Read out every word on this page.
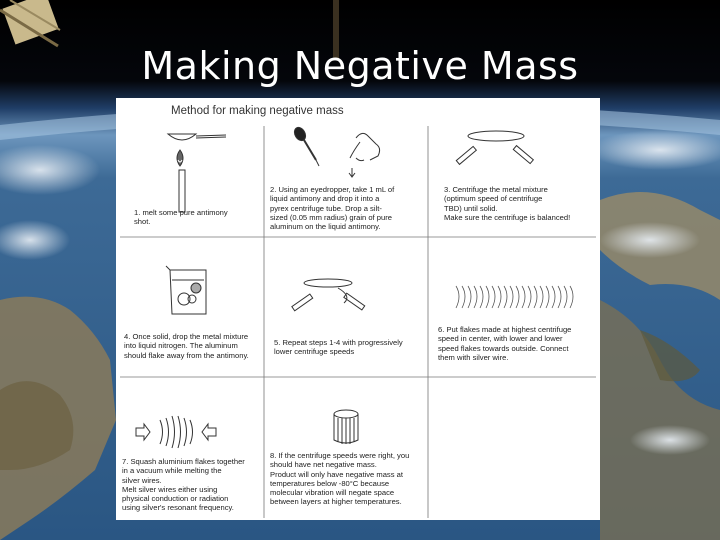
Making Negative Mass
Method for making negative mass
1. melt some pure antimony
shot.
2. Using an eyedropper, take 1 mL of
liquid antimony and drop it into a
pyrex centrifuge tube. Drop a silt-
sized (0.05 mm radius) grain of pure
aluminum on the liquid antimony.
3. Centrifuge the metal mixture
(optimum speed of centrifuge
TBD) until solid.
Make sure the centrifuge is balanced!
4. Once solid, drop the metal mixture
into liquid nitrogen. The aluminum
should flake away from the antimony.
5. Repeat steps 1-4 with progressively
lower centrifuge speeds
6. Put flakes made at highest centrifuge
speed in center, with lower and lower
speed flakes towards outside. Connect
them with silver wire.
7. Squash aluminium flakes together
in a vacuum while melting the
silver wires.
Melt silver wires either using
physical conduction or radiation
using silver's resonant frequency.
8. If the centrifuge speeds were right, you
should have net negative mass.
Product will only have negative mass at
temperatures below -80°C because
molecular vibration will negate space
between layers at higher temperatures.
